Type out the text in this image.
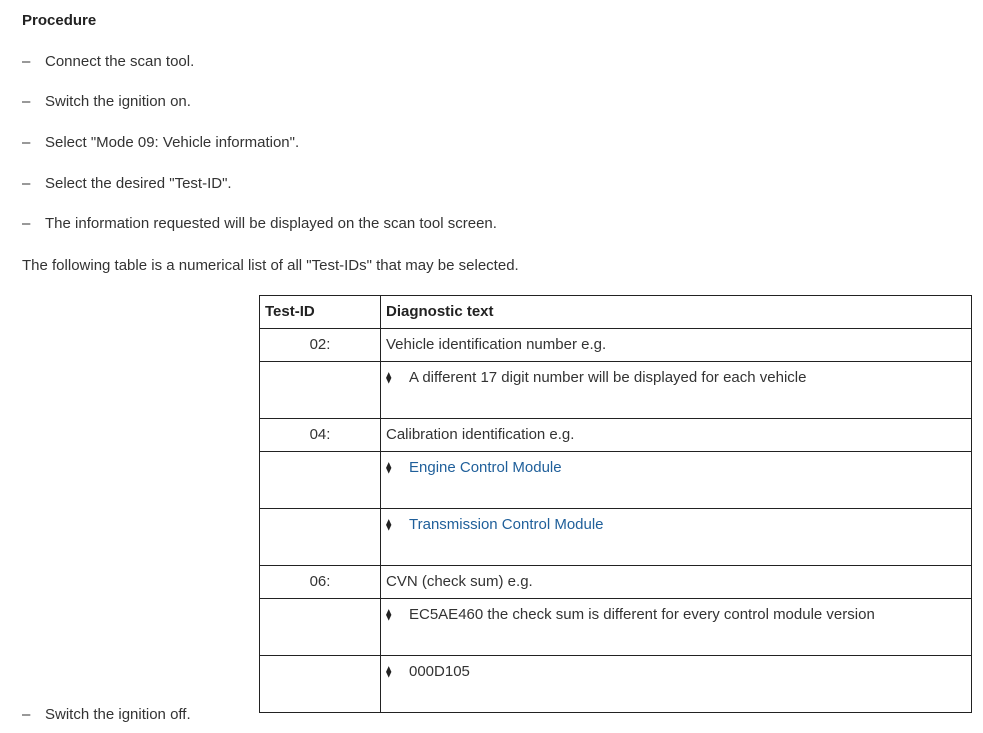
Procedure
– Connect the scan tool.
– Switch the ignition on.
– Select "Mode 09: Vehicle information".
– Select the desired "Test-ID".
– The information requested will be displayed on the scan tool screen.
The following table is a numerical list of all "Test-IDs" that may be selected.
Test-ID	Diagnostic text
02:	Vehicle identification number e.g.
	⧫ A different 17 digit number will be displayed for each vehicle
04:	Calibration identification e.g.
	⧫ Engine Control Module
	⧫ Transmission Control Module
06:	CVN (check sum) e.g.
	⧫ EC5AE460 the check sum is different for every control module version
	⧫ 000D105
– Switch the ignition off.
